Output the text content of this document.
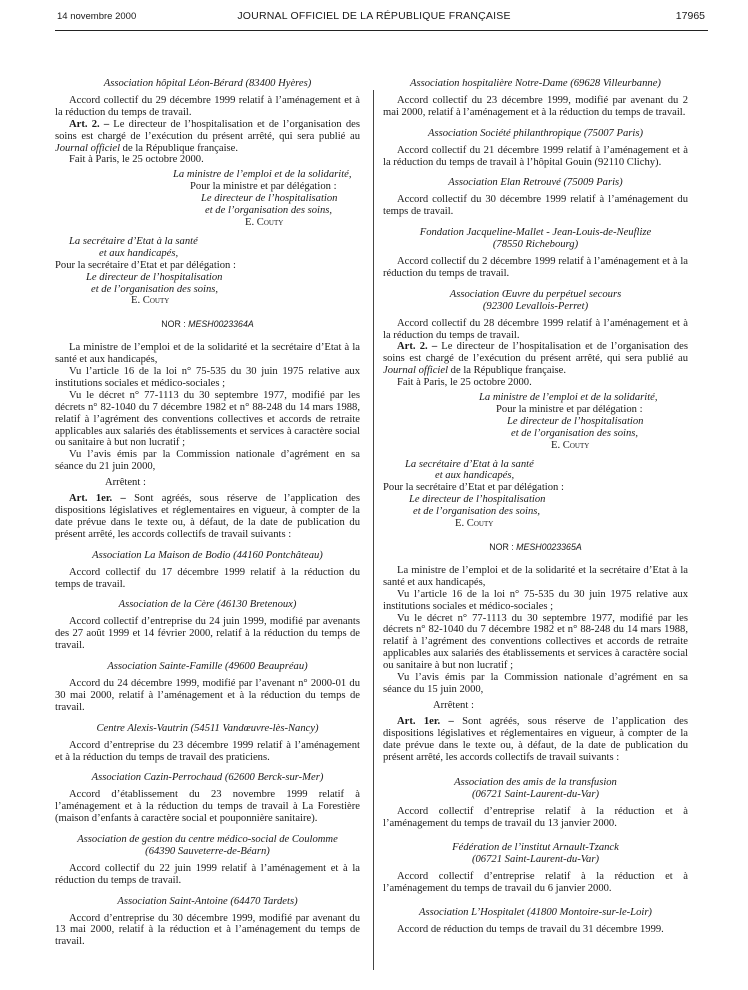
14 novembre 2000	JOURNAL OFFICIEL DE LA RÉPUBLIQUE FRANÇAISE	17965
Association hôpital Léon-Bérard (83400 Hyères)

Accord collectif du 29 décembre 1999 relatif à l’aménagement et à la réduction du temps de travail.

Art. 2. – Le directeur de l’hospitalisation et de l’organisation des soins est chargé de l’exécution du présent arrêté, qui sera publié au Journal officiel de la République française.

Fait à Paris, le 25 octobre 2000.

La ministre de l’emploi et de la solidarité,
Pour la ministre et par délégation :
Le directeur de l’hospitalisation
et de l’organisation des soins,
E. Couty
La secrétaire d’Etat à la santé
et aux handicapés,
Pour la secrétaire d’Etat et par délégation :
Le directeur de l’hospitalisation
et de l’organisation des soins,
E. Couty
NOR : MESH0023364A

La ministre de l’emploi et de la solidarité et la secrétaire d’Etat à la santé et aux handicapés,

Vu l’article 16 de la loi n° 75-535 du 30 juin 1975 relative aux institutions sociales et médico-sociales ;

Vu le décret n° 77-1113 du 30 septembre 1977, modifié par les décrets n° 82-1040 du 7 décembre 1982 et n° 88-248 du 14 mars 1988, relatif à l’agrément des conventions collectives et accords de retraite applicables aux salariés des établissements et services à caractère social ou sanitaire à but non lucratif ;

Vu l’avis émis par la Commission nationale d’agrément en sa séance du 21 juin 2000,

Arrêtent :

Art. 1er. – Sont agréés, sous réserve de l’application des dispositions législatives et réglementaires en vigueur, à compter de la date prévue dans le texte ou, à défaut, de la date de publication du présent arrêté, les accords collectifs de travail suivants :

Association La Maison de Bodio (44160 Pontchâteau)

Accord collectif du 17 décembre 1999 relatif à la réduction du temps de travail.

Association de la Cère (46130 Bretenoux)

Accord collectif d’entreprise du 24 juin 1999, modifié par avenants des 27 août 1999 et 14 février 2000, relatif à la réduction du temps de travail.

Association Sainte-Famille (49600 Beaupréau)

Accord du 24 décembre 1999, modifié par l’avenant n° 2000-01 du 30 mai 2000, relatif à l’aménagement et à la réduction du temps de travail.

Centre Alexis-Vautrin (54511 Vandœuvre-lès-Nancy)

Accord d’entreprise du 23 décembre 1999 relatif à l’aménagement et à la réduction du temps de travail des praticiens.

Association Cazin-Perrochaud (62600 Berck-sur-Mer)

Accord d’établissement du 23 novembre 1999 relatif à l’aménagement et à la réduction du temps de travail à La Forestière (maison d’enfants à caractère social et pouponnière sanitaire).

Association de gestion du centre médico-social de Coulomme
(64390 Sauveterre-de-Béarn)

Accord collectif du 22 juin 1999 relatif à l’aménagement et à la réduction du temps de travail.

Association Saint-Antoine (64470 Tardets)

Accord d’entreprise du 30 décembre 1999, modifié par avenant du 13 mai 2000, relatif à la réduction et à l’aménagement du temps de travail.

Association hospitalière Notre-Dame (69628 Villeurbanne)

Accord collectif du 23 décembre 1999, modifié par avenant du 2 mai 2000, relatif à l’aménagement et à la réduction du temps de travail.

Association Société philanthropique (75007 Paris)

Accord collectif du 21 décembre 1999 relatif à l’aménagement et à la réduction du temps de travail à l’hôpital Gouin (92110 Clichy).

Association Elan Retrouvé (75009 Paris)

Accord collectif du 30 décembre 1999 relatif à l’aménagement du temps de travail.

Fondation Jacqueline-Mallet - Jean-Louis-de-Neuflize
(78550 Richebourg)

Accord collectif du 2 décembre 1999 relatif à l’aménagement et à la réduction du temps de travail.

Association Œuvre du perpétuel secours
(92300 Levallois-Perret)

Accord collectif du 28 décembre 1999 relatif à l’aménagement et à la réduction du temps de travail.

Art. 2. – Le directeur de l’hospitalisation et de l’organisation des soins est chargé de l’exécution du présent arrêté, qui sera publié au Journal officiel de la République française.

Fait à Paris, le 25 octobre 2000.

La ministre de l’emploi et de la solidarité,
Pour la ministre et par délégation :
Le directeur de l’hospitalisation
et de l’organisation des soins,
E. Couty
La secrétaire d’Etat à la santé
et aux handicapés,
Pour la secrétaire d’Etat et par délégation :
Le directeur de l’hospitalisation
et de l’organisation des soins,
E. Couty
NOR : MESH0023365A

La ministre de l’emploi et de la solidarité et la secrétaire d’Etat à la santé et aux handicapés,

Vu l’article 16 de la loi n° 75-535 du 30 juin 1975 relative aux institutions sociales et médico-sociales ;

Vu le décret n° 77-1113 du 30 septembre 1977, modifié par les décrets n° 82-1040 du 7 décembre 1982 et n° 88-248 du 14 mars 1988, relatif à l’agrément des conventions collectives et accords de retraite applicables aux salariés des établissements et services à caractère social ou sanitaire à but non lucratif ;

Vu l’avis émis par la Commission nationale d’agrément en sa séance du 15 juin 2000,

Arrêtent :

Art. 1er. – Sont agréés, sous réserve de l’application des dispositions législatives et réglementaires en vigueur, à compter de la date prévue dans le texte ou, à défaut, de la date de publication du présent arrêté, les accords collectifs de travail suivants :

Association des amis de la transfusion
(06721 Saint-Laurent-du-Var)

Accord collectif d’entreprise relatif à la réduction et à l’aménagement du temps de travail du 13 janvier 2000.

Fédération de l’institut Arnault-Tzanck
(06721 Saint-Laurent-du-Var)

Accord collectif d’entreprise relatif à la réduction et à l’aménagement du temps de travail du 6 janvier 2000.

Association L’Hospitalet (41800 Montoire-sur-le-Loir)

Accord de réduction du temps de travail du 31 décembre 1999.
